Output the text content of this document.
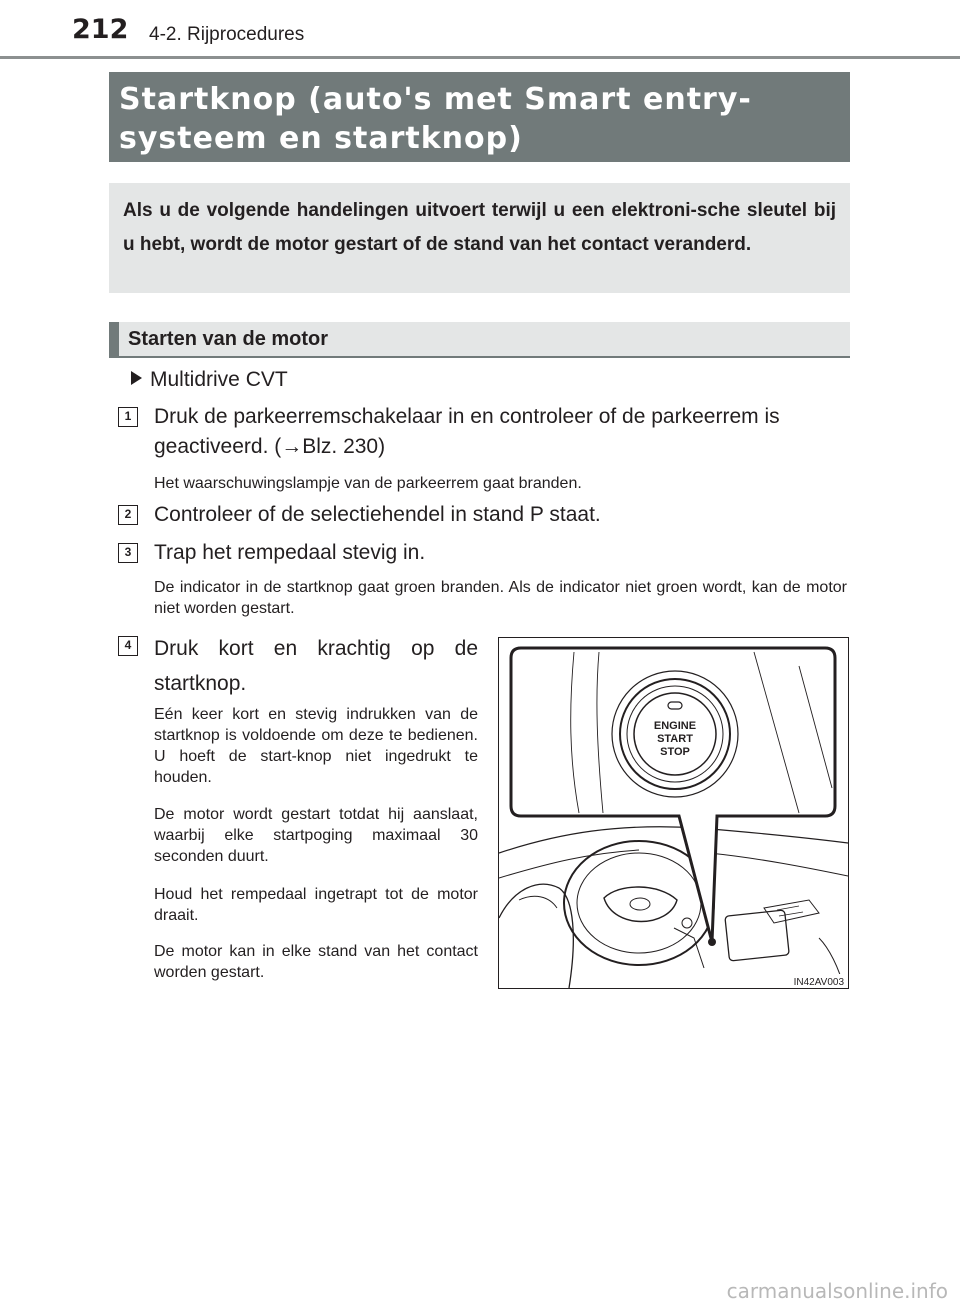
212 4-2. Rijprocedures
Startknop (auto's met Smart entry-systeem en startknop)
Als u de volgende handelingen uitvoert terwijl u een elektroni-sche sleutel bij u hebt, wordt de motor gestart of de stand van het contact veranderd.
Starten van de motor
Multidrive CVT
1	Druk de parkeerremschakelaar in en controleer of de parkeerrem is geactiveerd. (→Blz. 230)
Het waarschuwingslampje van de parkeerrem gaat branden.
2	Controleer of de selectiehendel in stand P staat.
3	Trap het rempedaal stevig in.
De indicator in de startknop gaat groen branden. Als de indicator niet groen wordt, kan de motor niet worden gestart.
4	Druk kort en krachtig op de startknop.
Eén keer kort en stevig indrukken van de startknop is voldoende om deze te bedienen. U hoeft de start-knop niet ingedrukt te houden.
De motor wordt gestart totdat hij aanslaat, waarbij elke startpoging maximaal 30 seconden duurt.
Houd het rempedaal ingetrapt tot de motor draait.
De motor kan in elke stand van het contact worden gestart.
ENGINE
START
STOP
IN42AV003
carmanualsonline.info
